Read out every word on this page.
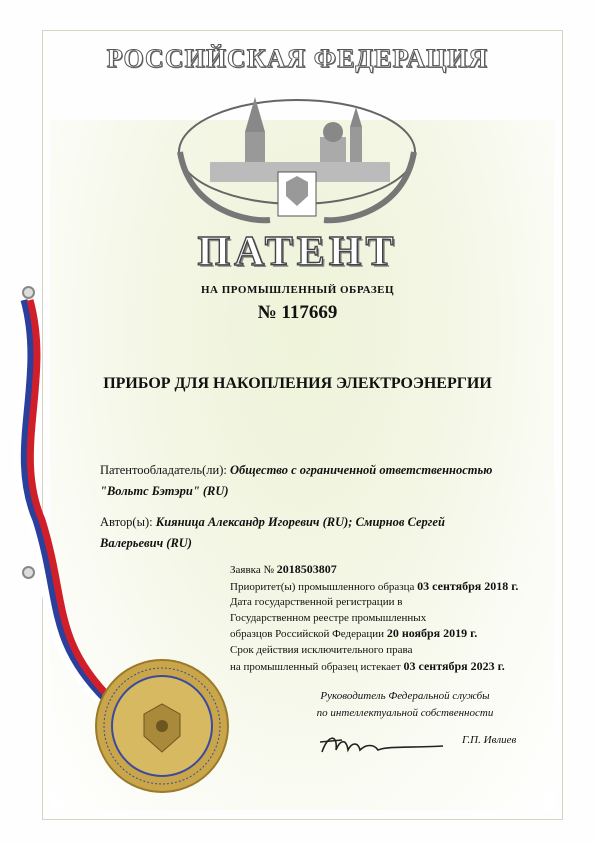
РОССИЙСКАЯ ФЕДЕРАЦИЯ
ПАТЕНТ
НА ПРОМЫШЛЕННЫЙ ОБРАЗЕЦ
№ 117669
ПРИБОР ДЛЯ НАКОПЛЕНИЯ ЭЛЕКТРОЭНЕРГИИ
Патентообладатель(ли): Общество с ограниченной ответственностью
"Вольтс Бэтэри" (RU)
Автор(ы): Кияница Александр Игоревич (RU); Смирнов Сергей
Валерьевич (RU)
Заявка № 2018503807
Приоритет(ы) промышленного образца 03 сентября 2018 г.
Дата государственной регистрации в
Государственном реестре промышленных
образцов Российской Федерации 20 ноября 2019 г.
Срок действия исключительного права
на промышленный образец истекает 03 сентября 2023 г.
Руководитель Федеральной службы
по интеллектуальной собственности
Г.П. Ивлиев
